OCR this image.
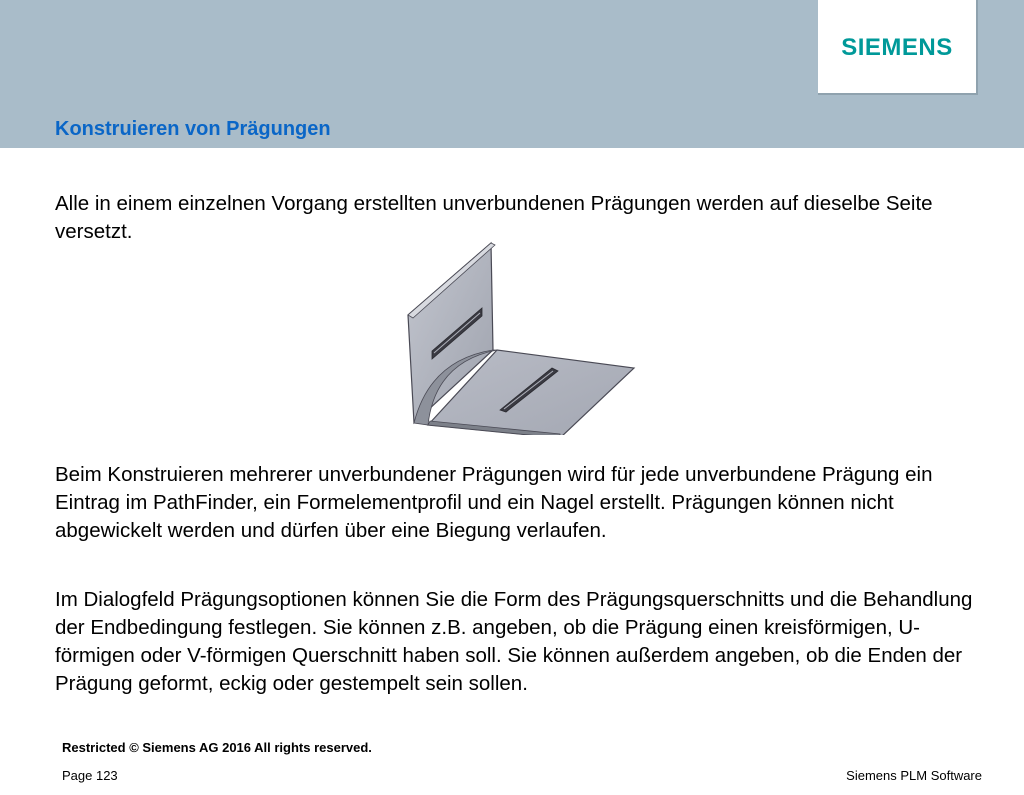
SIEMENS
Konstruieren von Prägungen

Alle in einem einzelnen Vorgang erstellten unverbundenen Prägungen werden auf dieselbe Seite versetzt.

Beim Konstruieren mehrerer unverbundener Prägungen wird für jede unverbundene Prägung ein Eintrag im PathFinder, ein Formelementprofil und ein Nagel erstellt. Prägungen können nicht abgewickelt werden und dürfen über eine Biegung verlaufen.

Im Dialogfeld Prägungsoptionen können Sie die Form des Prägungsquerschnitts und die Behandlung der Endbedingung festlegen. Sie können z.B. angeben, ob die Prägung einen kreisförmigen, U-förmigen oder V-förmigen Querschnitt haben soll. Sie können außerdem angeben, ob die Enden der Prägung geformt, eckig oder gestempelt sein sollen.

Restricted © Siemens AG 2016 All rights reserved.

Page 123	Siemens PLM Software
